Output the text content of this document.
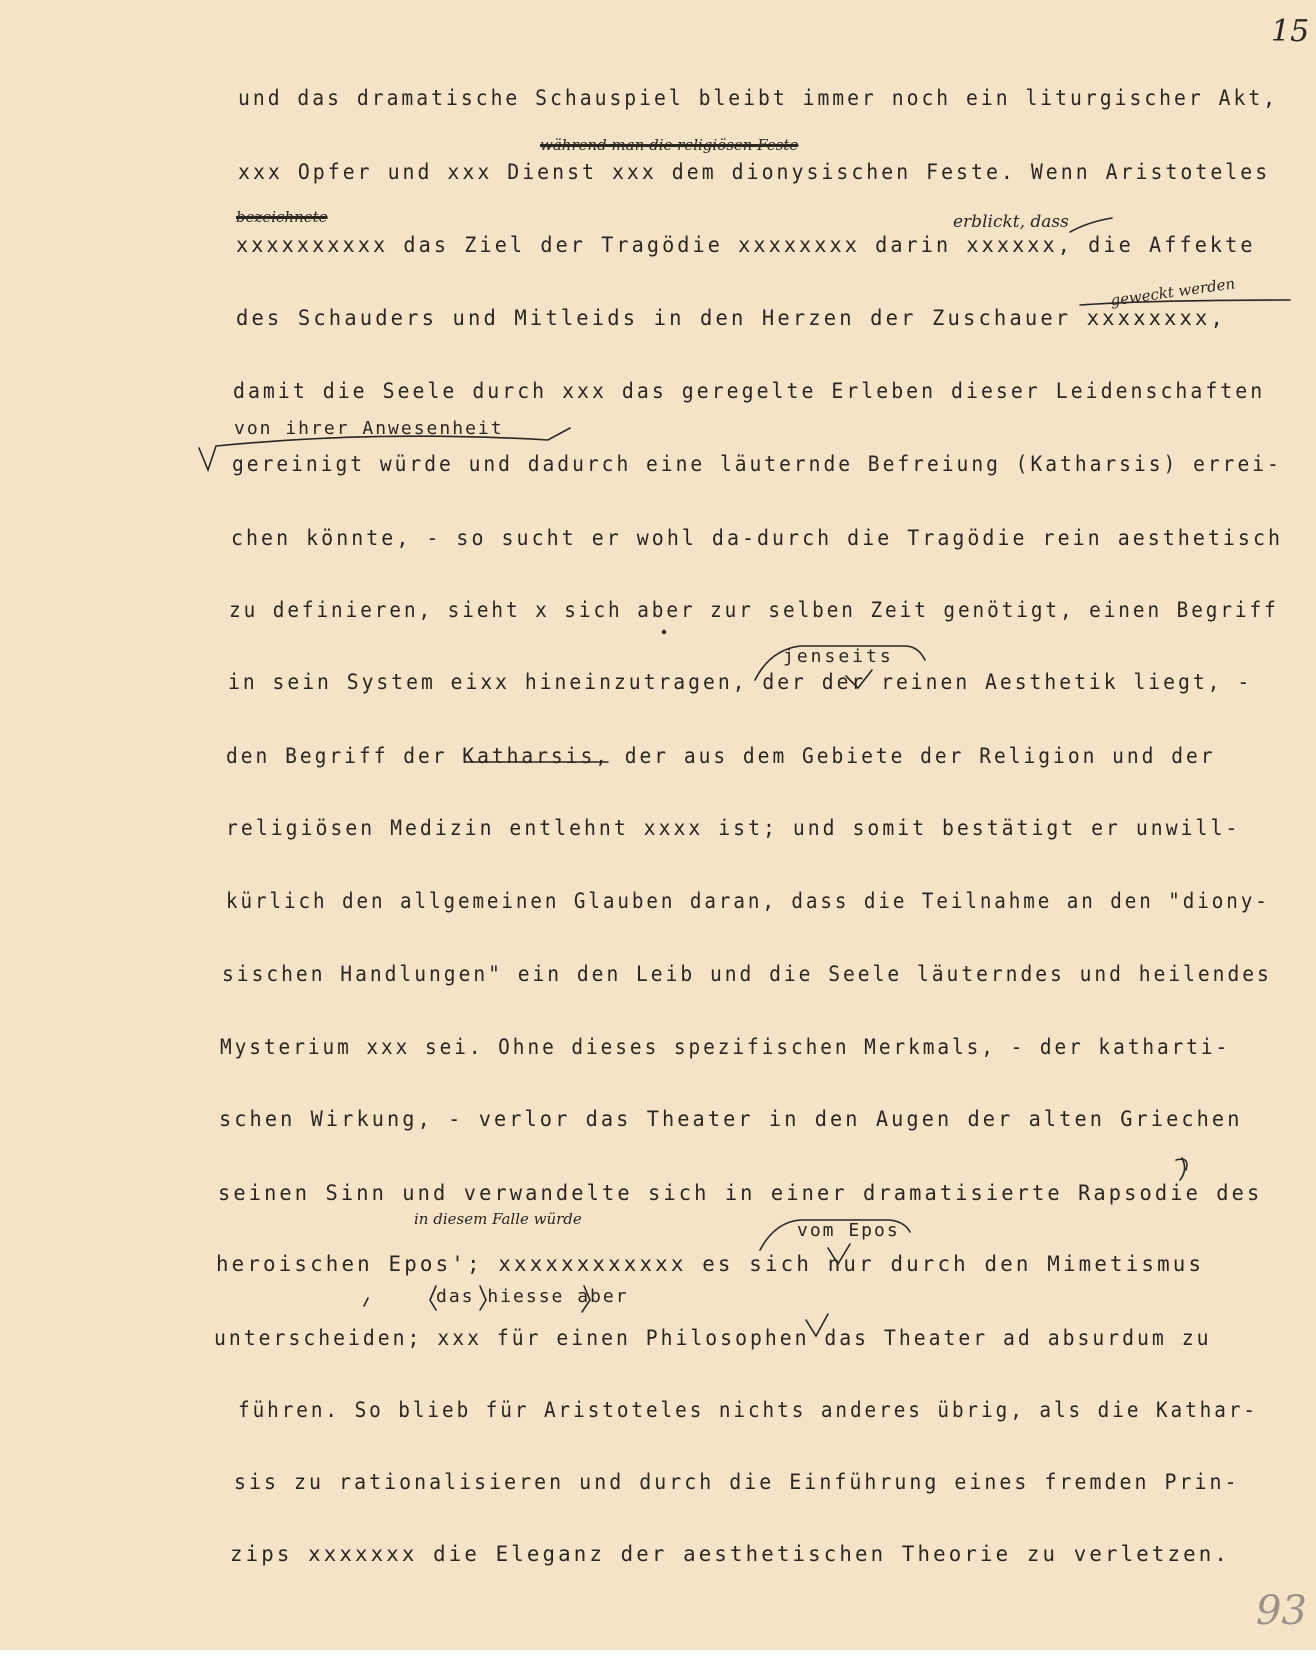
15
während man die religiösen Feste
bezeichnete	erblickt, dass
geweckt werden
von ihrer Anwesenheit
jenseits
in diesem Falle würde
vom Epos
das hiesse aber
und das dramatische Schauspiel bleibt immer noch ein liturgischer Akt,
xxx Opfer und xxx Dienst xxx dem dionysischen Feste. Wenn Aristoteles
xxxxxxxxxx das Ziel der Tragödie xxxxxxxx darin xxxxxx, die Affekte
des Schauders und Mitleids in den Herzen der Zuschauer xxxxxxxx,
damit die Seele durch xxx das geregelte Erleben dieser Leidenschaften
gereinigt würde und dadurch eine läuternde Befreiung (Katharsis) errei-
chen könnte, - so sucht er wohl da-durch die Tragödie rein aesthetisch
zu definieren, sieht x sich aber zur selben Zeit genötigt, einen Begriff
in sein System eixx hineinzutragen, der der reinen Aesthetik liegt, -
den Begriff der Katharsis, der aus dem Gebiete der Religion und der
religiösen Medizin entlehnt xxxx ist; und somit bestätigt er unwill-
kürlich den allgemeinen Glauben daran, dass die Teilnahme an den "diony-
sischen Handlungen" ein den Leib und die Seele läuterndes und heilendes
Mysterium xxx sei. Ohne dieses spezifischen Merkmals, - der katharti-
schen Wirkung, - verlor das Theater in den Augen der alten Griechen
seinen Sinn und verwandelte sich in einer dramatisierte Rapsodie des
heroischen Epos'; xxxxxxxxxxxx es sich nur durch den Mimetismus
unterscheiden; xxx für einen Philosophen das Theater ad absurdum zu
führen. So blieb für Aristoteles nichts anderes übrig, als die Kathar-
sis zu rationalisieren und durch die Einführung eines fremden Prin-
zips xxxxxxx die Eleganz der aesthetischen Theorie zu verletzen.
93
